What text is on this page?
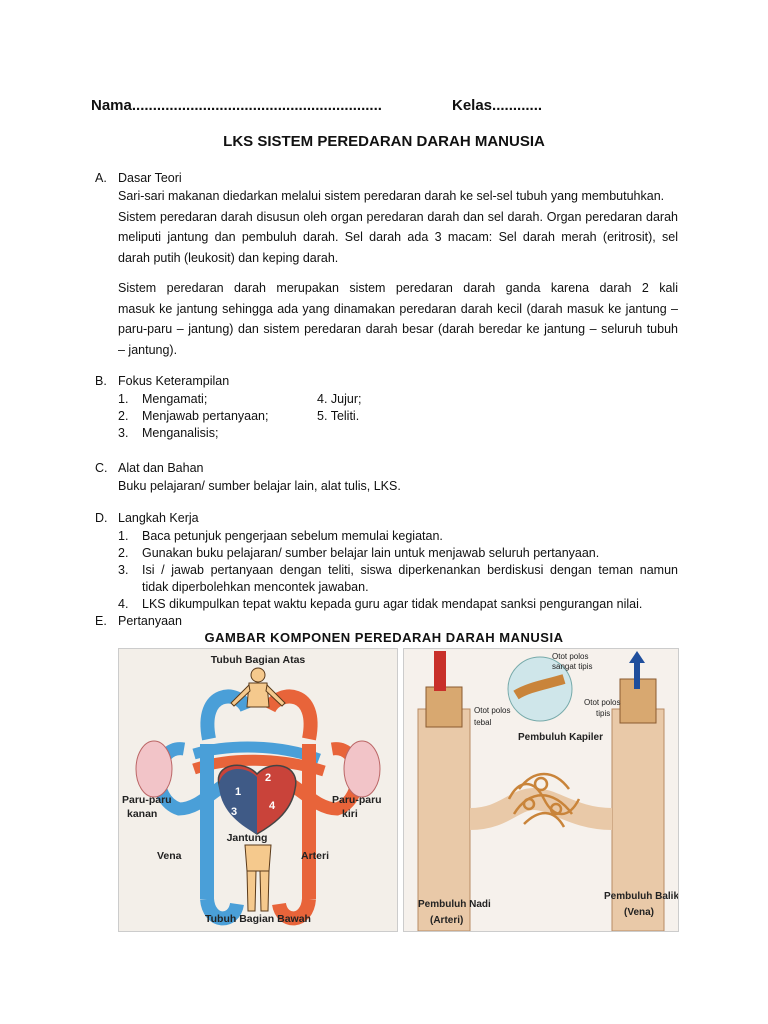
Nama............................................................	Kelas............
LKS SISTEM PEREDARAN DARAH MANUSIA
A. Dasar Teori
Sari-sari makanan diedarkan melalui sistem peredaran darah ke sel-sel tubuh yang membutuhkan.
Sistem peredaran darah disusun oleh organ peredaran darah dan sel darah. Organ peredaran darah
meliputi jantung dan pembuluh darah. Sel darah ada 3 macam: Sel darah merah (eritrosit), sel
darah putih (leukosit) dan keping darah.
Sistem peredaran darah merupakan sistem peredaran darah ganda karena darah 2 kali
masuk ke jantung sehingga ada yang dinamakan peredaran darah kecil (darah masuk ke jantung –
paru-paru – jantung) dan sistem peredaran darah besar (darah beredar ke jantung – seluruh tubuh
– jantung).
B. Fokus Keterampilan
1. Mengamati;
2. Menjawab pertanyaan;
3. Menganalisis;
4. Jujur;
5. Teliti.
C. Alat dan Bahan
Buku pelajaran/ sumber belajar lain, alat tulis, LKS.
D. Langkah Kerja
1.	Baca petunjuk pengerjaan sebelum memulai kegiatan.
2.	Gunakan buku pelajaran/ sumber belajar lain untuk menjawab seluruh pertanyaan.
3.	Isi / jawab pertanyaan dengan teliti, siswa diperkenankan berdiskusi dengan teman namun
tidak diperbolehkan mencontek jawaban.
4.	LKS dikumpulkan tepat waktu kepada guru agar tidak mendapat sanksi pengurangan nilai.
E. Pertanyaan
GAMBAR KOMPONEN PEREDARAH DARAH MANUSIA
1
2
3	4
Tubuh Bagian Atas
Tubuh Bagian Bawah
Paru-paru
kanan
Paru-paru
kiri
Jantung
Vena	Arteri
Otot polos
sangat tipis
Otot polos
tipis
Otot polos
tebal
Pembuluh Kapiler
Pembuluh Nadi
(Arteri)
Pembuluh Balik
(Vena)
